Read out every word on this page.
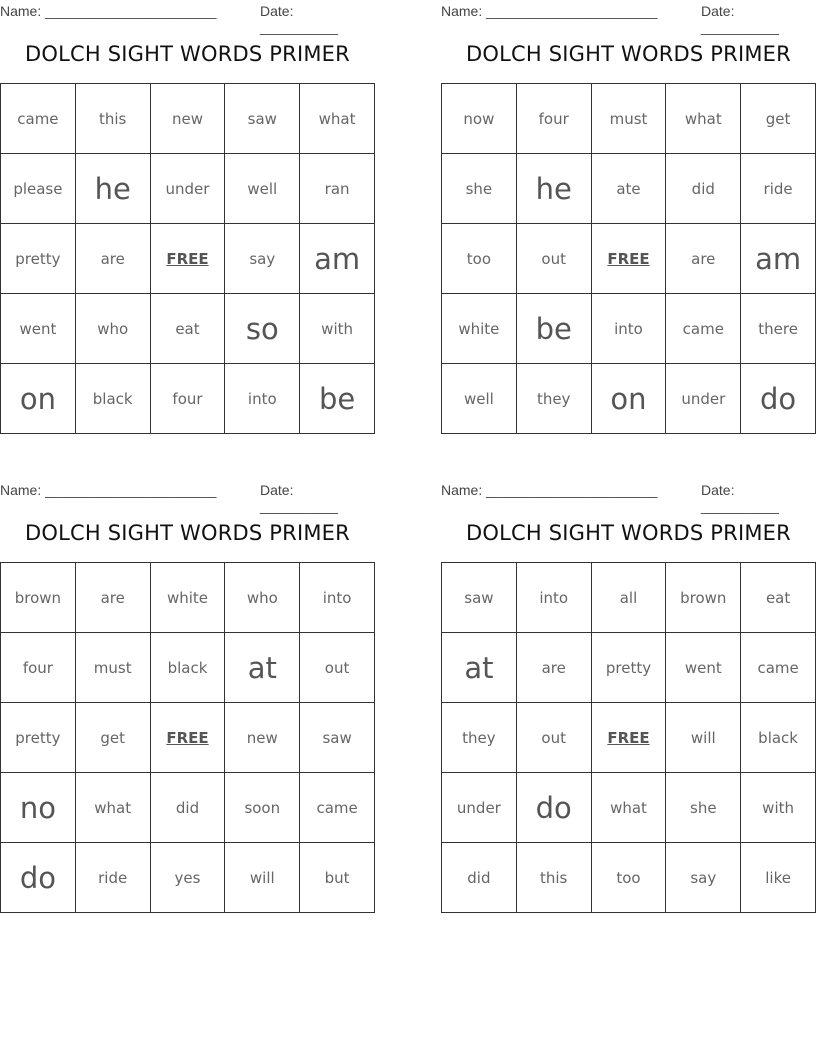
Name: ______________________	Date: __________
DOLCH SIGHT WORDS PRIMER
came	this	new	saw	what
please	he	under	well	ran
pretty	are	FREE	say	am
went	who	eat	so	with
on	black	four	into	be
Name: ______________________	Date: __________
DOLCH SIGHT WORDS PRIMER
now	four	must	what	get
she	he	ate	did	ride
too	out	FREE	are	am
white	be	into	came	there
well	they	on	under	do
Name: ______________________	Date: __________
DOLCH SIGHT WORDS PRIMER
brown	are	white	who	into
four	must	black	at	out
pretty	get	FREE	new	saw
no	what	did	soon	came
do	ride	yes	will	but
Name: ______________________	Date: __________
DOLCH SIGHT WORDS PRIMER
saw	into	all	brown	eat
at	are	pretty	went	came
they	out	FREE	will	black
under	do	what	she	with
did	this	too	say	like
